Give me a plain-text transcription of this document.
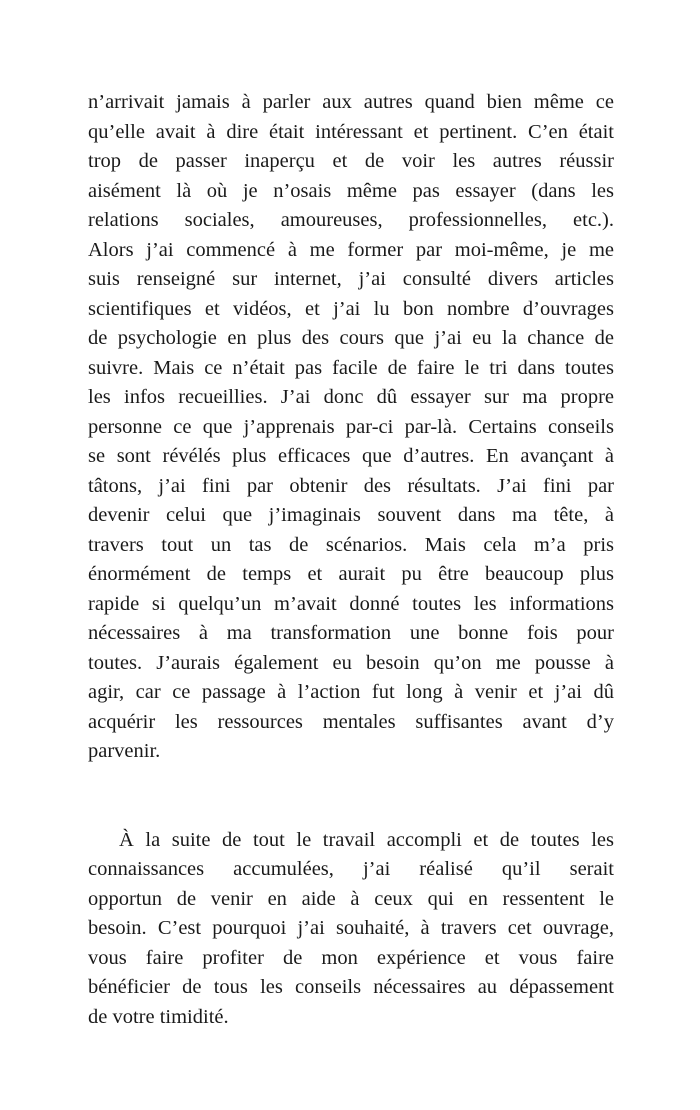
n’arrivait jamais à parler aux autres quand bien même ce
qu’elle avait à dire était intéressant et pertinent. C’en était
trop de passer inaperçu et de voir les autres réussir
aisément là où je n’osais même pas essayer (dans les
relations sociales, amoureuses, professionnelles, etc.).
Alors j’ai commencé à me former par moi-même, je me
suis renseigné sur internet, j’ai consulté divers articles
scientifiques et vidéos, et j’ai lu bon nombre d’ouvrages
de psychologie en plus des cours que j’ai eu la chance de
suivre. Mais ce n’était pas facile de faire le tri dans toutes
les infos recueillies. J’ai donc dû essayer sur ma propre
personne ce que j’apprenais par-ci par-là. Certains conseils
se sont révélés plus efficaces que d’autres. En avançant à
tâtons, j’ai fini par obtenir des résultats. J’ai fini par
devenir celui que j’imaginais souvent dans ma tête, à
travers tout un tas de scénarios. Mais cela m’a pris
énormément de temps et aurait pu être beaucoup plus
rapide si quelqu’un m’avait donné toutes les informations
nécessaires à ma transformation une bonne fois pour
toutes. J’aurais également eu besoin qu’on me pousse à
agir, car ce passage à l’action fut long à venir et j’ai dû
acquérir les ressources mentales suffisantes avant d’y
parvenir.
À la suite de tout le travail accompli et de toutes les
connaissances accumulées, j’ai réalisé qu’il serait
opportun de venir en aide à ceux qui en ressentent le
besoin. C’est pourquoi j’ai souhaité, à travers cet ouvrage,
vous faire profiter de mon expérience et vous faire
bénéficier de tous les conseils nécessaires au dépassement
de votre timidité.
